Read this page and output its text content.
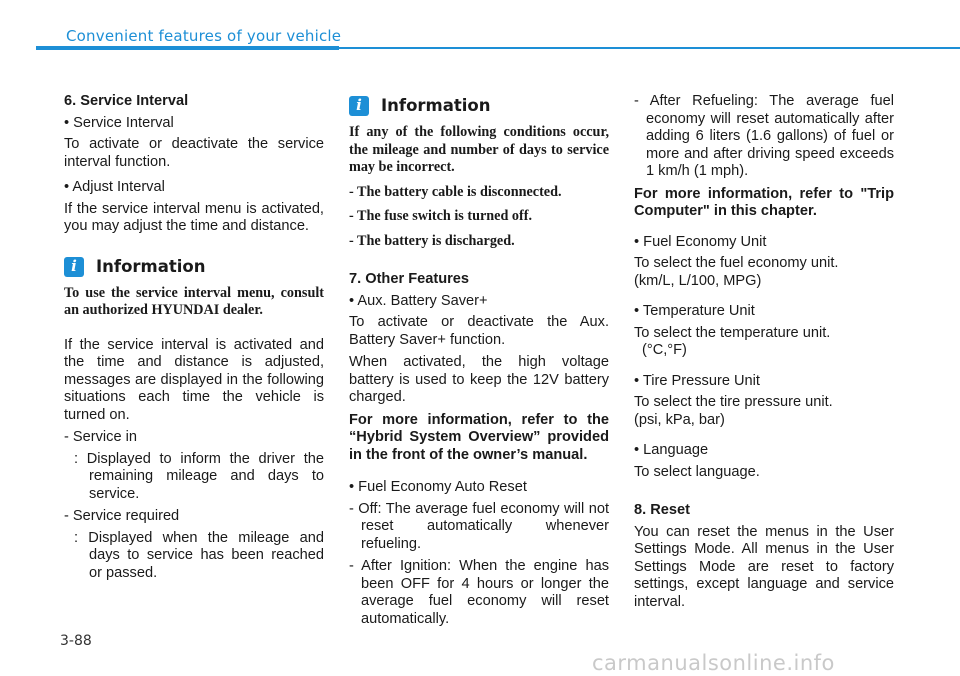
Convenient features of your vehicle

6. Service Interval

• Service Interval

To activate or deactivate the service interval function.

• Adjust Interval

If the service interval menu is activated, you may adjust the time and distance.

i	Information

To use the service interval menu, consult an authorized HYUNDAI dealer.

If the service interval is activated and the time and distance is adjusted, messages are displayed in the following situations each time the vehicle is turned on.

- Service in

: Displayed to inform the driver the remaining mileage and days to service.

- Service required

: Displayed when the mileage and days to service has been reached or passed.

i	Information

If any of the following conditions occur, the mileage and number of days to service may be incorrect.

- The battery cable is disconnected.

- The fuse switch is turned off.

- The battery is discharged.

7. Other Features

• Aux. Battery Saver+

To activate or deactivate the Aux. Battery Saver+ function.

When activated, the high voltage battery is used to keep the 12V battery charged.

For more information, refer to the “Hybrid System Overview” provided in the front of the owner’s manual.

• Fuel Economy Auto Reset

- Off: The average fuel economy will not reset automatically whenever refueling.

- After Ignition: When the engine has been OFF for 4 hours or longer the average fuel economy will reset automatically.

- After Refueling: The average fuel economy will reset automatically after adding 6 liters (1.6 gallons) of fuel or more and after driving speed exceeds 1 km/h (1 mph).

For more information, refer to "Trip Computer" in this chapter.

• Fuel Economy Unit

To select the fuel economy unit.

(km/L, L/100, MPG)

• Temperature Unit

To select the temperature unit.

(°C,°F)

• Tire Pressure Unit

To select the tire pressure unit.

(psi, kPa, bar)

• Language

To select language.

8. Reset

You can reset the menus in the User Settings Mode. All menus in the User Settings Mode are reset to factory settings, except language and service interval.

3-88
carmanualsonline.info
